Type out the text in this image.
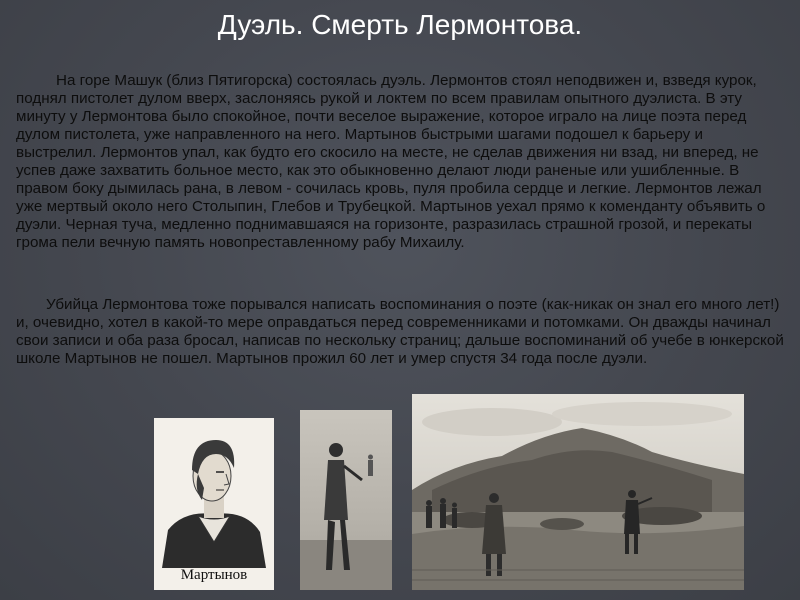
Дуэль. Смерть Лермонтова.

На горе Машук (близ Пятигорска) состоялась дуэль. Лермонтов стоял неподвижен и, взведя курок, поднял пистолет дулом вверх, заслоняясь рукой и локтем по всем правилам опытного дуэлиста. В эту минуту у Лермонтова было спокойное, почти веселое выражение, которое играло на лице поэта перед дулом пистолета, уже направленного на него. Мартынов быстрыми шагами подошел к барьеру и выстрелил. Лермонтов упал, как будто его скосило на месте, не сделав движения ни взад, ни вперед, не успев даже захватить больное место, как это обыкновенно делают люди раненые или ушибленные. В правом боку дымилась рана, в левом - сочилась кровь, пуля пробила сердце и легкие. Лермонтов лежал уже мертвый около него Столыпин, Глебов и Трубецкой. Мартынов уехал прямо к коменданту объявить о дуэли. Черная туча, медленно поднимавшаяся на горизонте, разразилась страшной грозой, и перекаты грома пели вечную память новопреставленному рабу Михаилу.

Убийца Лермонтова тоже порывался написать воспоминания о поэте (как-никак он знал его много лет!) и, очевидно, хотел в какой-то мере оправдаться перед современниками и потомками. Он дважды начинал свои записи и оба раза бросал, написав по нескольку страниц; дальше воспоминаний об учебе в юнкерской школе Мартынов не пошел. Мартынов прожил 60 лет и умер спустя 34 года после дуэли.

Мартынов
